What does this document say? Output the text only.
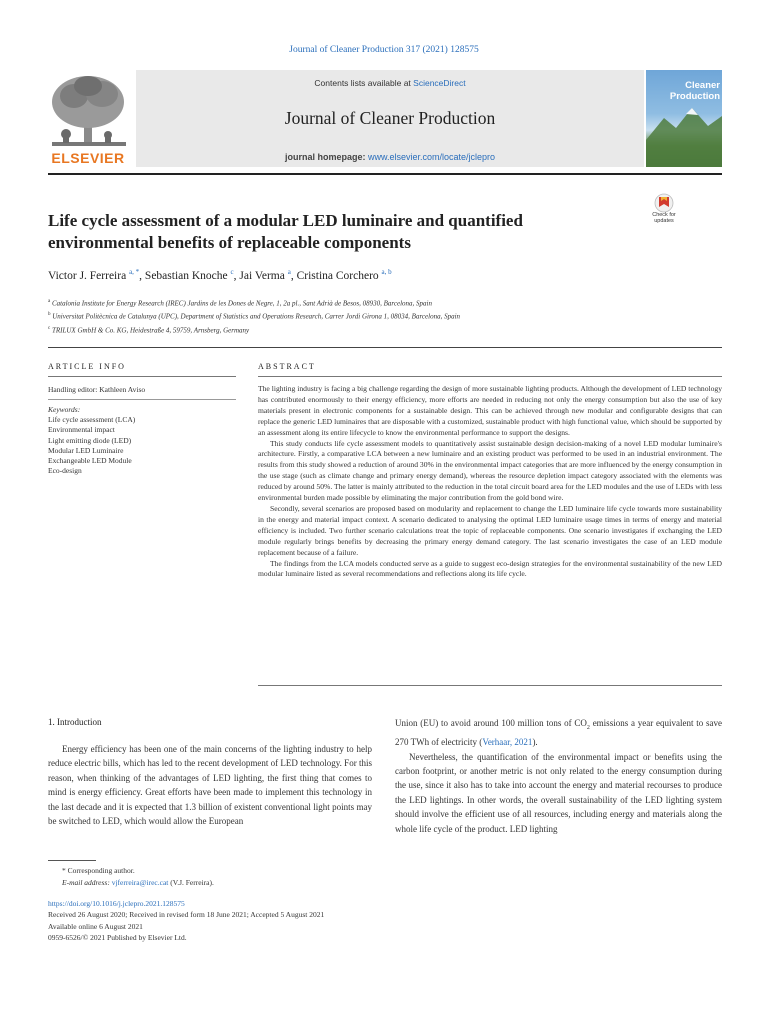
Journal of Cleaner Production 317 (2021) 128575
ELSEVIER
Contents lists available at ScienceDirect
Journal of Cleaner Production
journal homepage: www.elsevier.com/locate/jclepro
Cleaner
Production
Life cycle assessment of a modular LED luminaire and quantified environmental benefits of replaceable components
Check for
updates
Victor J. Ferreira $^{a, *}$, Sebastian Knoche $^c$, Jai Verma $^a$, Cristina Corchero $^{a, b}$
$^a$ Catalonia Institute for Energy Research (IREC) Jardins de les Dones de Negre, 1, 2a pl., Sant Adrià de Besos, 08930, Barcelona, Spain
$^b$ Universitat Politècnica de Catalunya (UPC), Department of Statistics and Operations Research, Carrer Jordi Girona 1, 08034, Barcelona, Spain
$^c$ TRILUX GmbH & Co. KG, Heidestraße 4, 59759, Arnsberg, Germany
ARTICLE INFO
Handling editor: Kathleen Aviso
Keywords:
Life cycle assessment (LCA)
Environmental impact
Light emitting diode (LED)
Modular LED Luminaire
Exchangeable LED Module
Eco-design
ABSTRACT

The lighting industry is facing a big challenge regarding the design of more sustainable lighting products. Although the development of LED technology has contributed enormously to their energy efficiency, more efforts are needed in reducing not only the energy consumption but also the use of key materials present in electronic components for a sustainable design. This can be achieved through new modular and configurable designs that can replace the generic LED luminaires that are disposable with a customized, sustainable product with high functional value, which should be supported by an assessment along its entire lifecycle to know the environmental performance to support the designs.

This study conducts life cycle assessment models to quantitatively assist sustainable design decision-making of a novel LED modular luminaire's architecture. Firstly, a comparative LCA between a new luminaire and an existing product was performed to be used in an industrial environment. The results from this study showed a reduction of around 30% in the environmental impact categories that are more influenced by the energy consumption in the use stage (such as climate change and primary energy demand), whereas the resource depletion impact category associated with the elements was reduced by around 50%. The latter is mainly attributed to the reduction in the total circuit board area for the LED modules and the use of LEDs with less environmental burden made possible by eliminating the major contribution from the gold bond wire.

Secondly, several scenarios are proposed based on modularity and replacement to change the LED luminaire life cycle towards more sustainability in the energy and material impact context. A scenario dedicated to analysing the optimal LED luminaire usage times in terms of energy and material efficiency is included. Two further scenario calculations treat the topic of replaceable components. One scenario investigates if exchanging the LED module regularly brings benefits by decreasing the primary energy demand category. The last scenario investigates the case of an LED module replacement because of a failure.

The findings from the LCA models conducted serve as a guide to suggest eco-design strategies for the environmental sustainability of the new LED modular luminaire listed as several recommendations and reflections along its life cycle.

1. Introduction

Energy efficiency has been one of the main concerns of the lighting industry to help reduce electric bills, which has led to the recent development of LED technology. For this reason, when thinking of the advantages of LED lighting, the first thing that comes to mind is energy efficiency. Great efforts have been made to implement this technology in the last decade and it is expected that 1.3 billion of existent conventional light points may be switched to LED, which would allow the European

Union (EU) to avoid around 100 million tons of $CO_2$ emissions a year equivalent to save 270 TWh of electricity (Verhaar, 2021).

Nevertheless, the quantification of the environmental impact or benefits using the carbon footprint, or another metric is not only related to the energy consumption during the use, since it also has to take into account the energy and material recourses to produce the LED lightings. In other words, the overall sustainability of the LED lighting system should involve the efficient use of all resources, including energy and materials along the whole life cycle of the product. LED lighting

* Corresponding author.
E-mail address: vjferreira@irec.cat (V.J. Ferreira).
https://doi.org/10.1016/j.jclepro.2021.128575
Received 26 August 2020; Received in revised form 18 June 2021; Accepted 5 August 2021
Available online 6 August 2021
0959-6526/© 2021 Published by Elsevier Ltd.
